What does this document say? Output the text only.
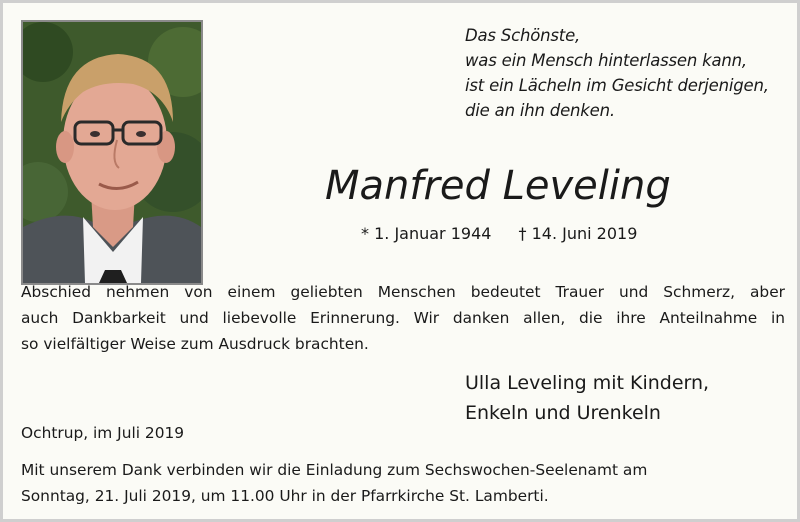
Das Schönste,
was ein Mensch hinterlassen kann,
ist ein Lächeln im Gesicht derjenigen,
die an ihn denken.
Manfred Leveling
* 1. Januar 1944 † 14. Juni 2019
Abschied nehmen von einem geliebten Menschen bedeutet Trauer und Schmerz, aber
auch Dankbarkeit und liebevolle Erinnerung. Wir danken allen, die ihre Anteilnahme in
so vielfältiger Weise zum Ausdruck brachten.
Ulla Leveling mit Kindern,
Enkeln und Urenkeln
Ochtrup, im Juli 2019
Mit unserem Dank verbinden wir die Einladung zum Sechswochen-Seelenamt am
Sonntag, 21. Juli 2019, um 11.00 Uhr in der Pfarrkirche St. Lamberti.
